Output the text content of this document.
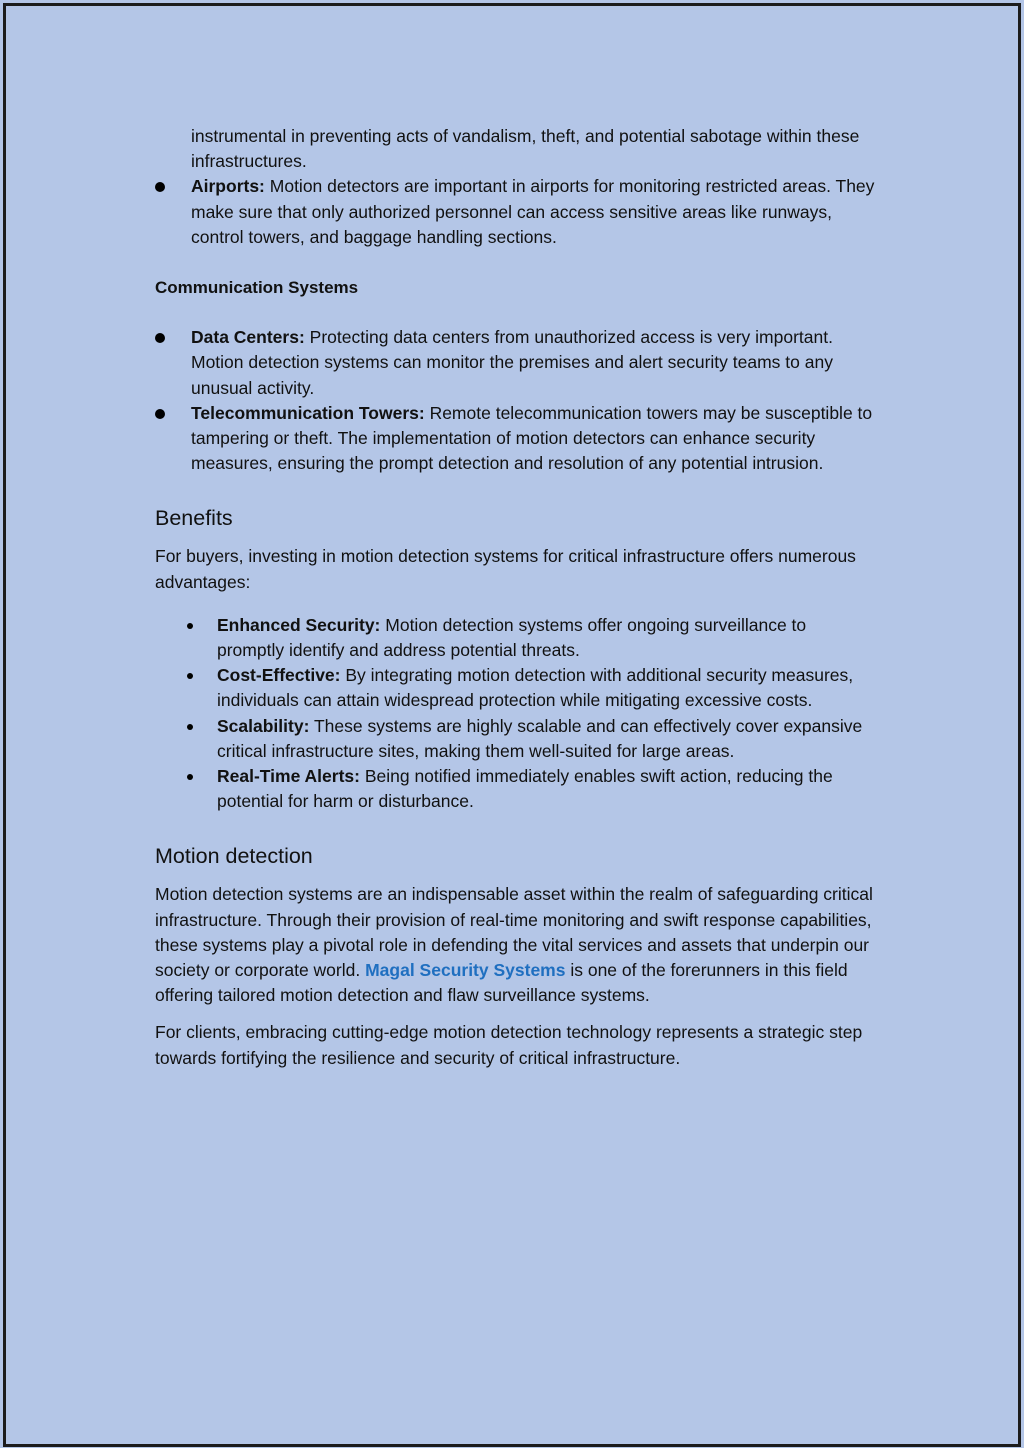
instrumental in preventing acts of vandalism, theft, and potential sabotage within these infrastructures.

Airports: Motion detectors are important in airports for monitoring restricted areas. They make sure that only authorized personnel can access sensitive areas like runways, control towers, and baggage handling sections.

Communication Systems

Data Centers: Protecting data centers from unauthorized access is very important. Motion detection systems can monitor the premises and alert security teams to any unusual activity.
Telecommunication Towers: Remote telecommunication towers may be susceptible to tampering or theft. The implementation of motion detectors can enhance security measures, ensuring the prompt detection and resolution of any potential intrusion.
Benefits

For buyers, investing in motion detection systems for critical infrastructure offers numerous advantages:

Enhanced Security: Motion detection systems offer ongoing surveillance to promptly identify and address potential threats.
Cost-Effective: By integrating motion detection with additional security measures, individuals can attain widespread protection while mitigating excessive costs.
Scalability: These systems are highly scalable and can effectively cover expansive critical infrastructure sites, making them well-suited for large areas.
Real-Time Alerts: Being notified immediately enables swift action, reducing the potential for harm or disturbance.
Motion detection

Motion detection systems are an indispensable asset within the realm of safeguarding critical infrastructure. Through their provision of real-time monitoring and swift response capabilities, these systems play a pivotal role in defending the vital services and assets that underpin our society or corporate world. Magal Security Systems is one of the forerunners in this field offering tailored motion detection and flaw surveillance systems.

For clients, embracing cutting-edge motion detection technology represents a strategic step towards fortifying the resilience and security of critical infrastructure.
